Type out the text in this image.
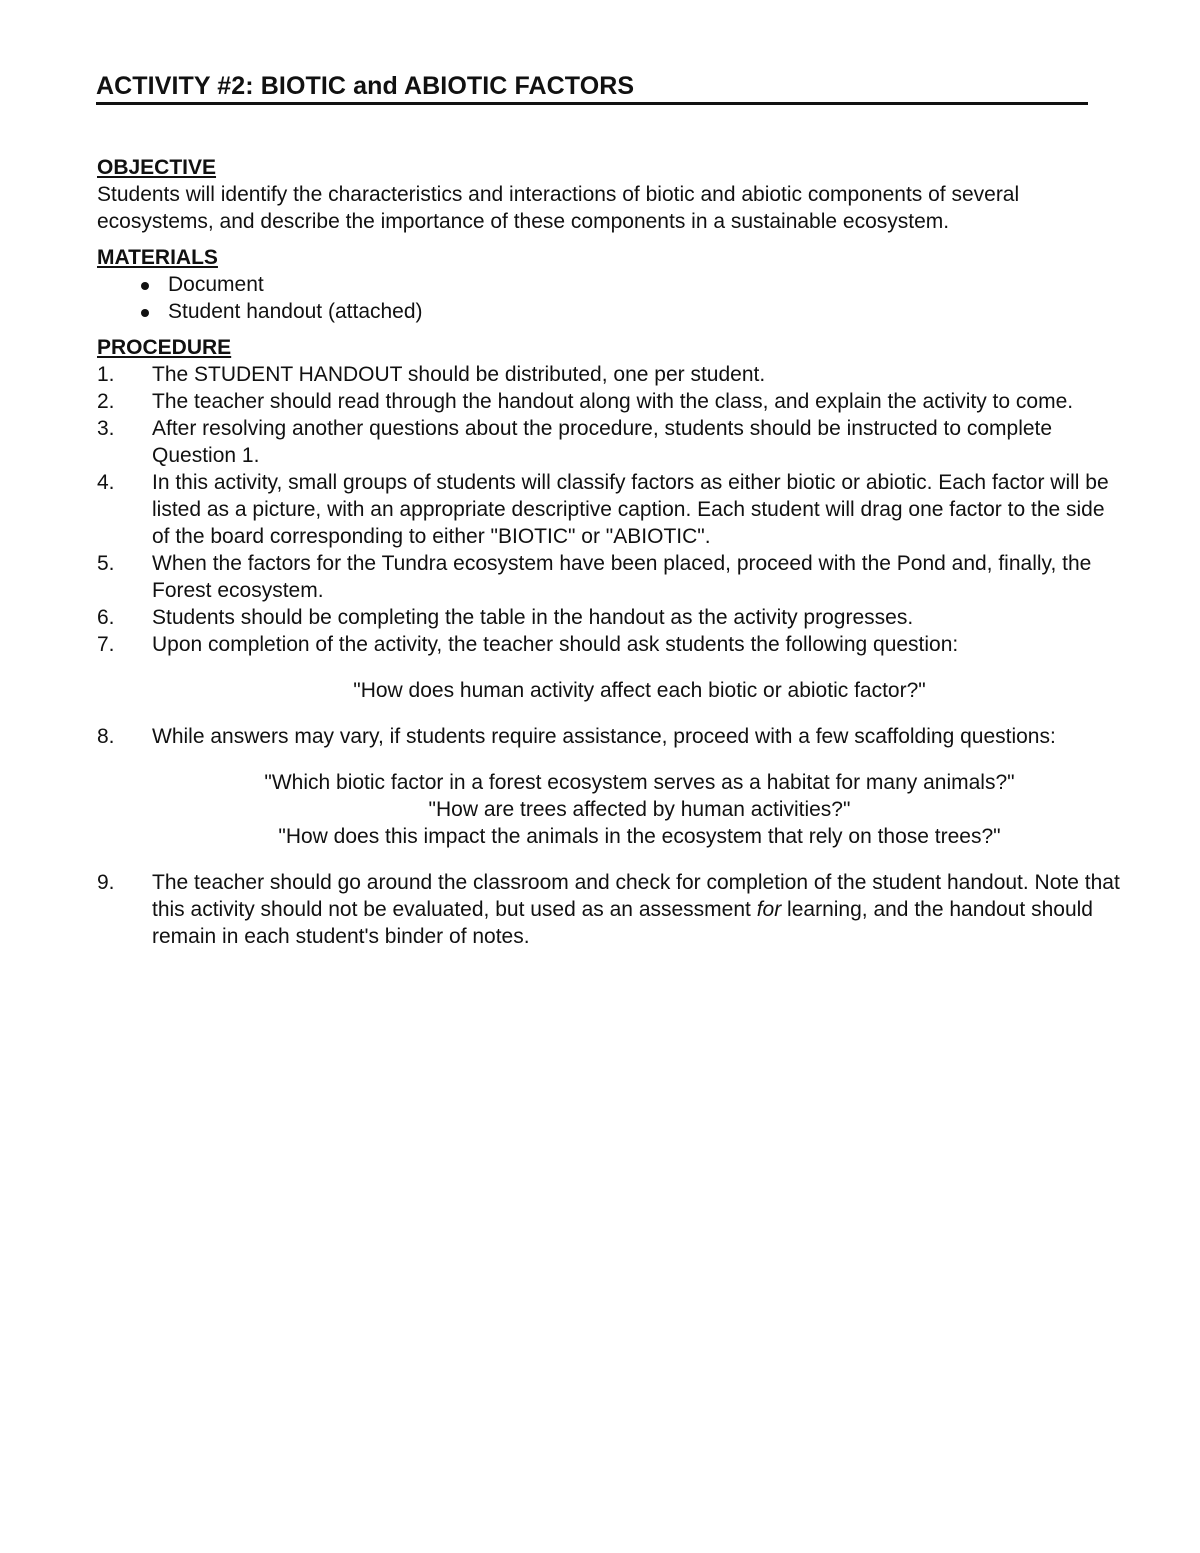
ACTIVITY #2: BIOTIC and ABIOTIC FACTORS

OBJECTIVE

Students will identify the characteristics and interactions of biotic and abiotic components of several ecosystems, and describe the importance of these components in a sustainable ecosystem.

MATERIALS

Document
Student handout (attached)

PROCEDURE

1. The STUDENT HANDOUT should be distributed, one per student.
2. The teacher should read through the handout along with the class, and explain the activity to come.
3. After resolving another questions about the procedure, students should be instructed to complete Question 1.
4. In this activity, small groups of students will classify factors as either biotic or abiotic. Each factor will be listed as a picture, with an appropriate descriptive caption. Each student will drag one factor to the side of the board corresponding to either "BIOTIC" or "ABIOTIC".
5. When the factors for the Tundra ecosystem have been placed, proceed with the Pond and, finally, the Forest ecosystem.
6. Students should be completing the table in the handout as the activity progresses.
7. Upon completion of the activity, the teacher should ask students the following question:

"How does human activity affect each biotic or abiotic factor?"

8. While answers may vary, if students require assistance, proceed with a few scaffolding questions:

"Which biotic factor in a forest ecosystem serves as a habitat for many animals?"

"How are trees affected by human activities?"

"How does this impact the animals in the ecosystem that rely on those trees?"

9. The teacher should go around the classroom and check for completion of the student handout. Note that this activity should not be evaluated, but used as an assessment for learning, and the handout should remain in each student's binder of notes.
